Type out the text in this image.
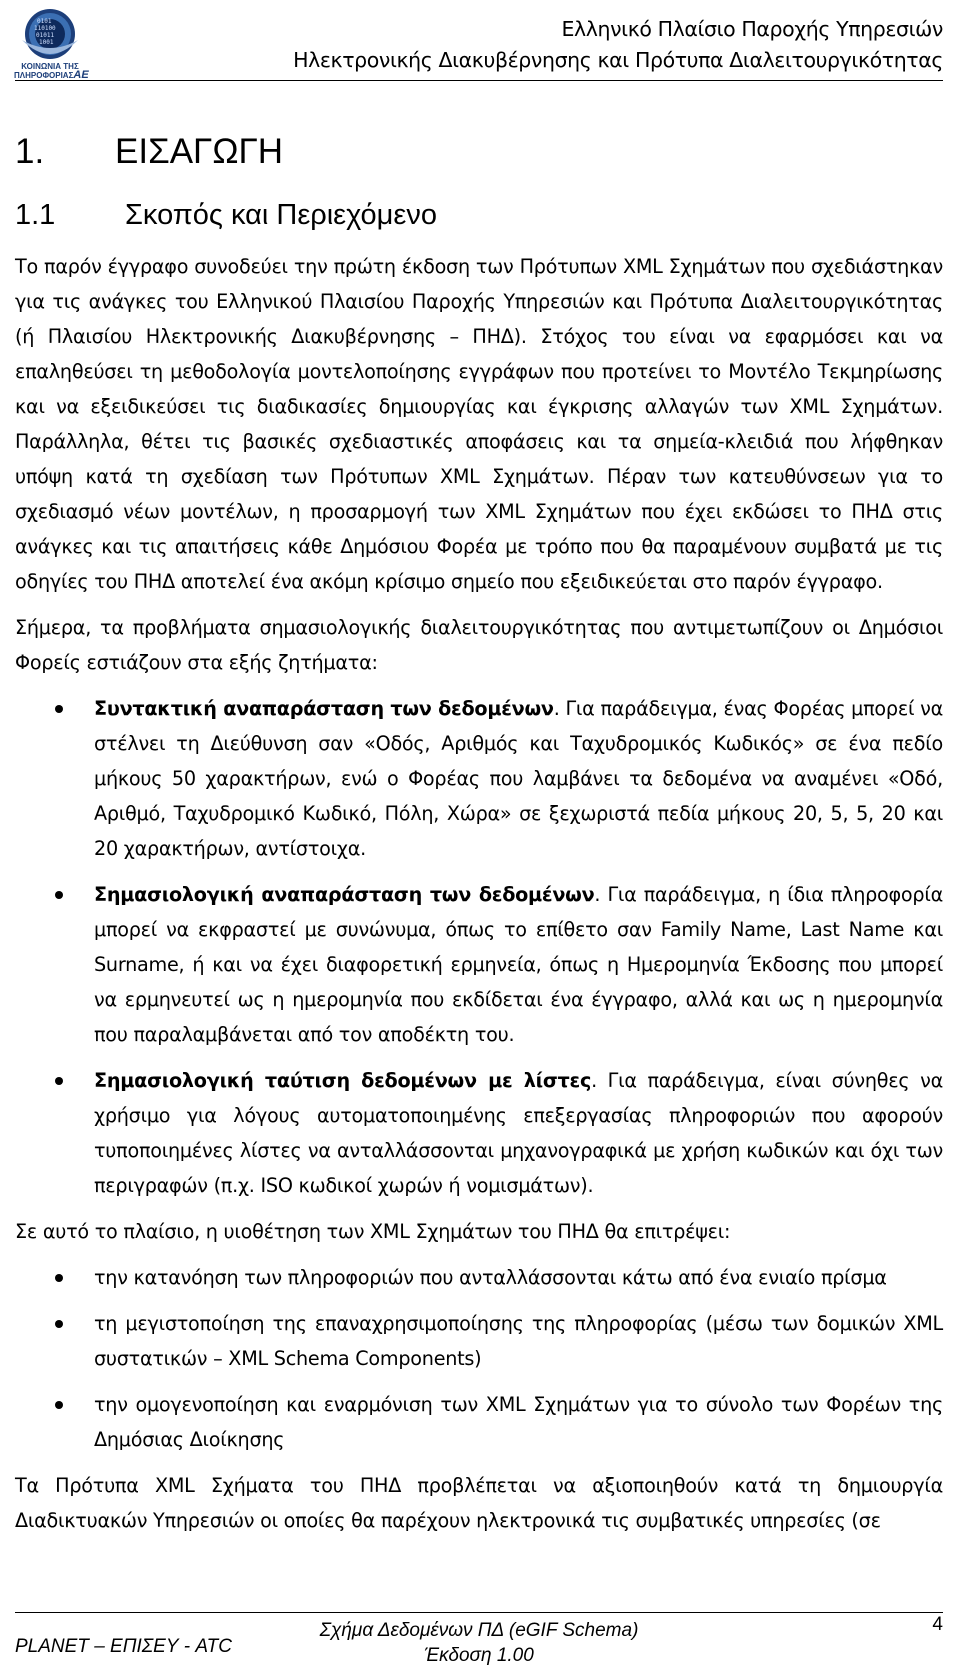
0101
110100
01011
1001
ΚΟΙΝΩΝΙΑ ΤΗΣ
ΠΛΗΡΟΦΟΡΙΑΣΑΕ
Ελληνικό Πλαίσιο Παροχής Υπηρεσιών
Ηλεκτρονικής Διακυβέρνησης και Πρότυπα Διαλειτουργικότητας
1. ΕΙΣΑΓΩΓΗ
1.1 Σκοπός και Περιεχόμενο

Το παρόν έγγραφο συνοδεύει την πρώτη έκδοση των Πρότυπων XML Σχημάτων που σχεδιάστηκαν για τις ανάγκες του Ελληνικού Πλαισίου Παροχής Υπηρεσιών και Πρότυπα Διαλειτουργικότητας (ή Πλαισίου Ηλεκτρονικής Διακυβέρνησης – ΠΗΔ). Στόχος του είναι να εφαρμόσει και να επαληθεύσει τη μεθοδολογία μοντελοποίησης εγγράφων που προτείνει το Μοντέλο Τεκμηρίωσης και να εξειδικεύσει τις διαδικασίες δημιουργίας και έγκρισης αλλαγών των XML Σχημάτων. Παράλληλα, θέτει τις βασικές σχεδιαστικές αποφάσεις και τα σημεία-κλειδιά που λήφθηκαν υπόψη κατά τη σχεδίαση των Πρότυπων XML Σχημάτων. Πέραν των κατευθύνσεων για το σχεδιασμό νέων μοντέλων, η προσαρμογή των XML Σχημάτων που έχει εκδώσει το ΠΗΔ στις ανάγκες και τις απαιτήσεις κάθε Δημόσιου Φορέα με τρόπο που θα παραμένουν συμβατά με τις οδηγίες του ΠΗΔ αποτελεί ένα ακόμη κρίσιμο σημείο που εξειδικεύεται στο παρόν έγγραφο.

Σήμερα, τα προβλήματα σημασιολογικής διαλειτουργικότητας που αντιμετωπίζουν οι Δημόσιοι Φορείς εστιάζουν στα εξής ζητήματα:

Συντακτική αναπαράσταση των δεδομένων. Για παράδειγμα, ένας Φορέας μπορεί να στέλνει τη Διεύθυνση σαν «Οδός, Αριθμός και Ταχυδρομικός Κωδικός» σε ένα πεδίο μήκους 50 χαρακτήρων, ενώ ο Φορέας που λαμβάνει τα δεδομένα να αναμένει «Οδό, Αριθμό, Ταχυδρομικό Κωδικό, Πόλη, Χώρα» σε ξεχωριστά πεδία μήκους 20, 5, 5, 20 και 20 χαρακτήρων, αντίστοιχα.
Σημασιολογική αναπαράσταση των δεδομένων. Για παράδειγμα, η ίδια πληροφορία μπορεί να εκφραστεί με συνώνυμα, όπως το επίθετο σαν Family Name, Last Name και Surname, ή και να έχει διαφορετική ερμηνεία, όπως η Ημερομηνία Έκδοσης που μπορεί να ερμηνευτεί ως η ημερομηνία που εκδίδεται ένα έγγραφο, αλλά και ως η ημερομηνία που παραλαμβάνεται από τον αποδέκτη του.
Σημασιολογική ταύτιση δεδομένων με λίστες. Για παράδειγμα, είναι σύνηθες να χρήσιμο για λόγους αυτοματοποιημένης επεξεργασίας πληροφοριών που αφορούν τυποποιημένες λίστες να ανταλλάσσονται μηχανογραφικά με χρήση κωδικών και όχι των περιγραφών (π.χ. ISO κωδικοί χωρών ή νομισμάτων).

Σε αυτό το πλαίσιο, η υιοθέτηση των XML Σχημάτων του ΠΗΔ θα επιτρέψει:

την κατανόηση των πληροφοριών που ανταλλάσσονται κάτω από ένα ενιαίο πρίσμα
τη μεγιστοποίηση της επαναχρησιμοποίησης της πληροφορίας (μέσω των δομικών XML συστατικών – XML Schema Components)
την ομογενοποίηση και εναρμόνιση των XML Σχημάτων για το σύνολο των Φορέων της Δημόσιας Διοίκησης

Τα Πρότυπα XML Σχήματα του ΠΗΔ προβλέπεται να αξιοποιηθούν κατά τη δημιουργία Διαδικτυακών Υπηρεσιών οι οποίες θα παρέχουν ηλεκτρονικά τις συμβατικές υπηρεσίες (σε

PLANET – ΕΠΙΣΕΥ - ATC
Σχήμα Δεδομένων ΠΔ (eGIF Schema)
Έκδοση 1.00
4
